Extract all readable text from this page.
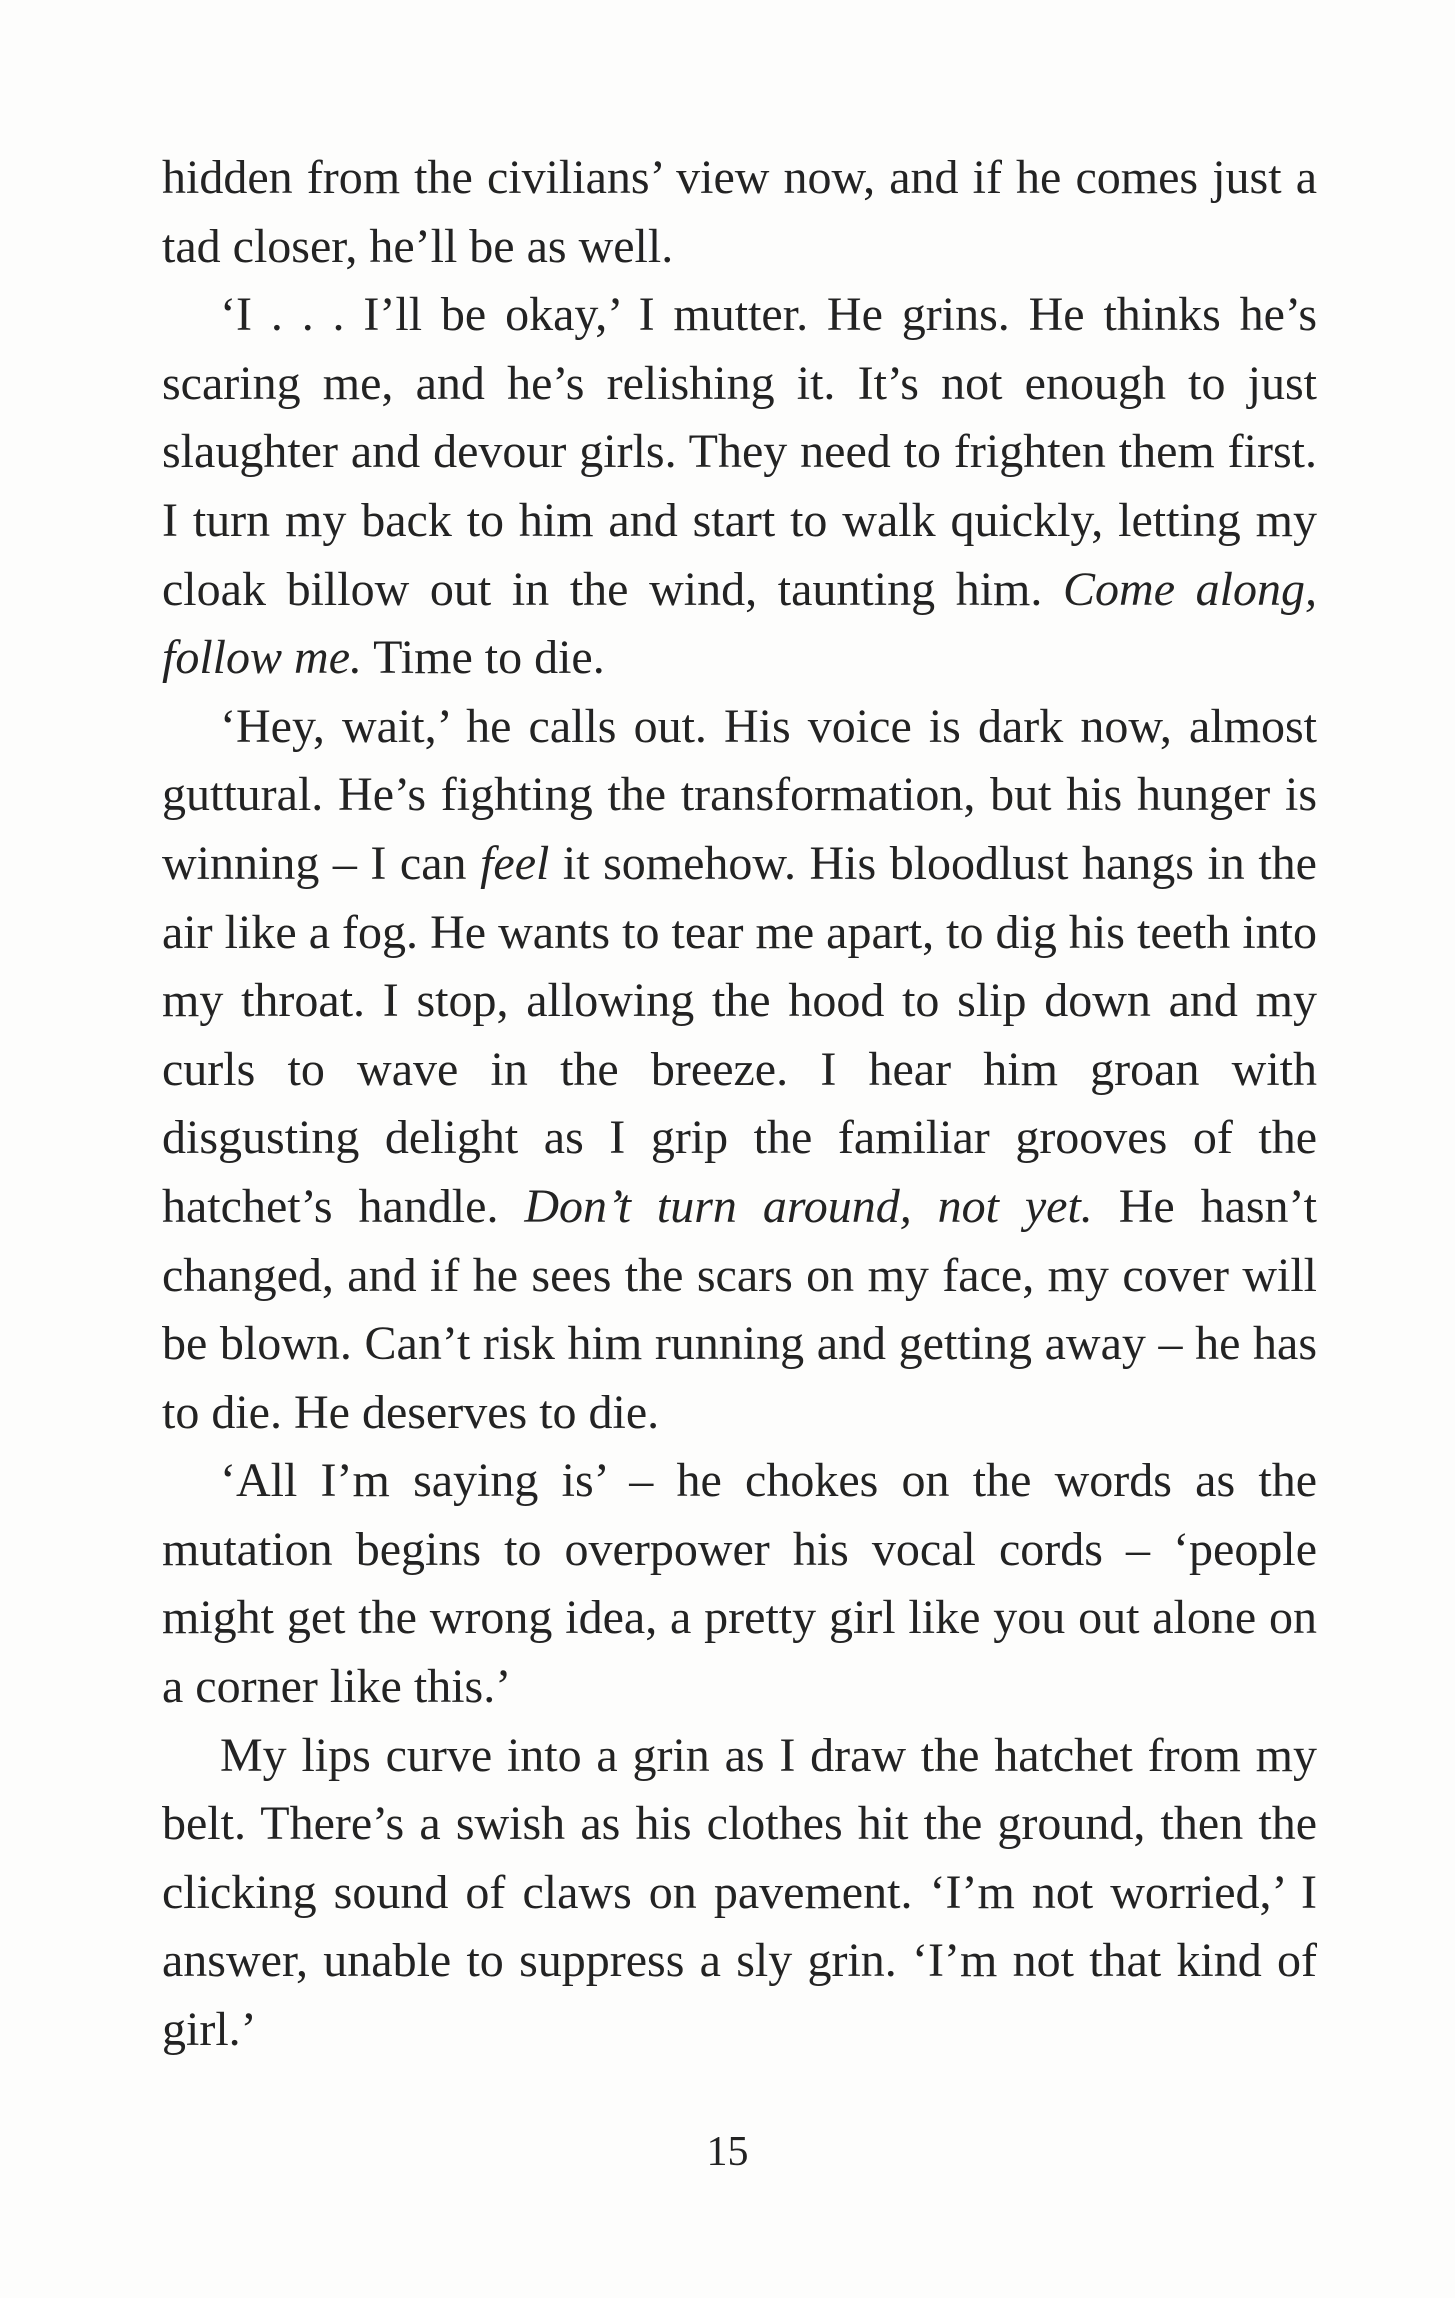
hidden from the civilians’ view now, and if he comes just a tad closer, he’ll be as well.

‘I . . . I’ll be okay,’ I mutter. He grins. He thinks he’s scaring me, and he’s relishing it. It’s not enough to just slaughter and devour girls. They need to frighten them first. I turn my back to him and start to walk quickly, letting my cloak billow out in the wind, taunting him. Come along, follow me. Time to die.

‘Hey, wait,’ he calls out. His voice is dark now, almost guttural. He’s fighting the transformation, but his hunger is winning – I can feel it somehow. His bloodlust hangs in the air like a fog. He wants to tear me apart, to dig his teeth into my throat. I stop, allowing the hood to slip down and my curls to wave in the breeze. I hear him groan with disgusting delight as I grip the familiar grooves of the hatchet’s handle. Don’t turn around, not yet. He hasn’t changed, and if he sees the scars on my face, my cover will be blown. Can’t risk him running and getting away – he has to die. He deserves to die.

‘All I’m saying is’ – he chokes on the words as the mutation begins to overpower his vocal cords – ‘people might get the wrong idea, a pretty girl like you out alone on a corner like this.’

My lips curve into a grin as I draw the hatchet from my belt. There’s a swish as his clothes hit the ground, then the clicking sound of claws on pavement. ‘I’m not worried,’ I answer, unable to suppress a sly grin. ‘I’m not that kind of girl.’

15
